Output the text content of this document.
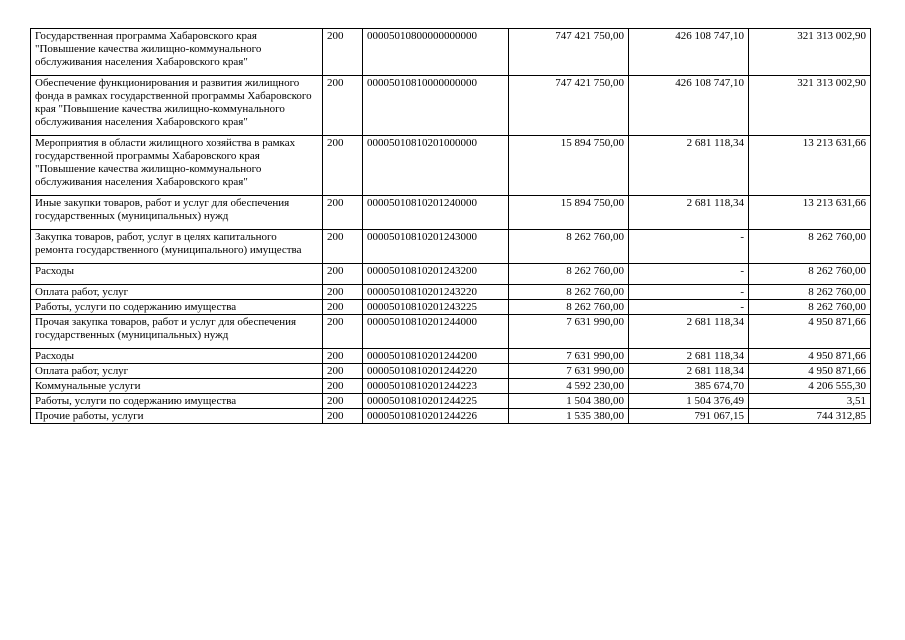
Государственная программа Хабаровского края "Повышение качества жилищно-коммунального обслуживания населения Хабаровского края"	200	00005010800000000000	747 421 750,00	426 108 747,10	321 313 002,90
Обеспечение функционирования и развития жилищного фонда в рамках государственной программы Хабаровского края "Повышение качества жилищно-коммунального обслуживания населения Хабаровского края"	200	00005010810000000000	747 421 750,00	426 108 747,10	321 313 002,90
Мероприятия в области жилищного хозяйства в рамках государственной программы Хабаровского края "Повышение качества жилищно-коммунального обслуживания населения Хабаровского края"	200	00005010810201000000	15 894 750,00	2 681 118,34	13 213 631,66
Иные закупки товаров, работ и услуг для обеспечения государственных (муниципальных) нужд	200	00005010810201240000	15 894 750,00	2 681 118,34	13 213 631,66
Закупка товаров, работ, услуг в целях капитального ремонта государственного (муниципального) имущества	200	00005010810201243000	8 262 760,00	-	8 262 760,00
Расходы	200	00005010810201243200	8 262 760,00	-	8 262 760,00
Оплата работ, услуг	200	00005010810201243220	8 262 760,00	-	8 262 760,00
Работы, услуги по содержанию имущества	200	00005010810201243225	8 262 760,00	-	8 262 760,00
Прочая закупка товаров, работ и услуг для обеспечения государственных (муниципальных) нужд	200	00005010810201244000	7 631 990,00	2 681 118,34	4 950 871,66
Расходы	200	00005010810201244200	7 631 990,00	2 681 118,34	4 950 871,66
Оплата работ, услуг	200	00005010810201244220	7 631 990,00	2 681 118,34	4 950 871,66
Коммунальные услуги	200	00005010810201244223	4 592 230,00	385 674,70	4 206 555,30
Работы, услуги по содержанию имущества	200	00005010810201244225	1 504 380,00	1 504 376,49	3,51
Прочие работы, услуги	200	00005010810201244226	1 535 380,00	791 067,15	744 312,85
